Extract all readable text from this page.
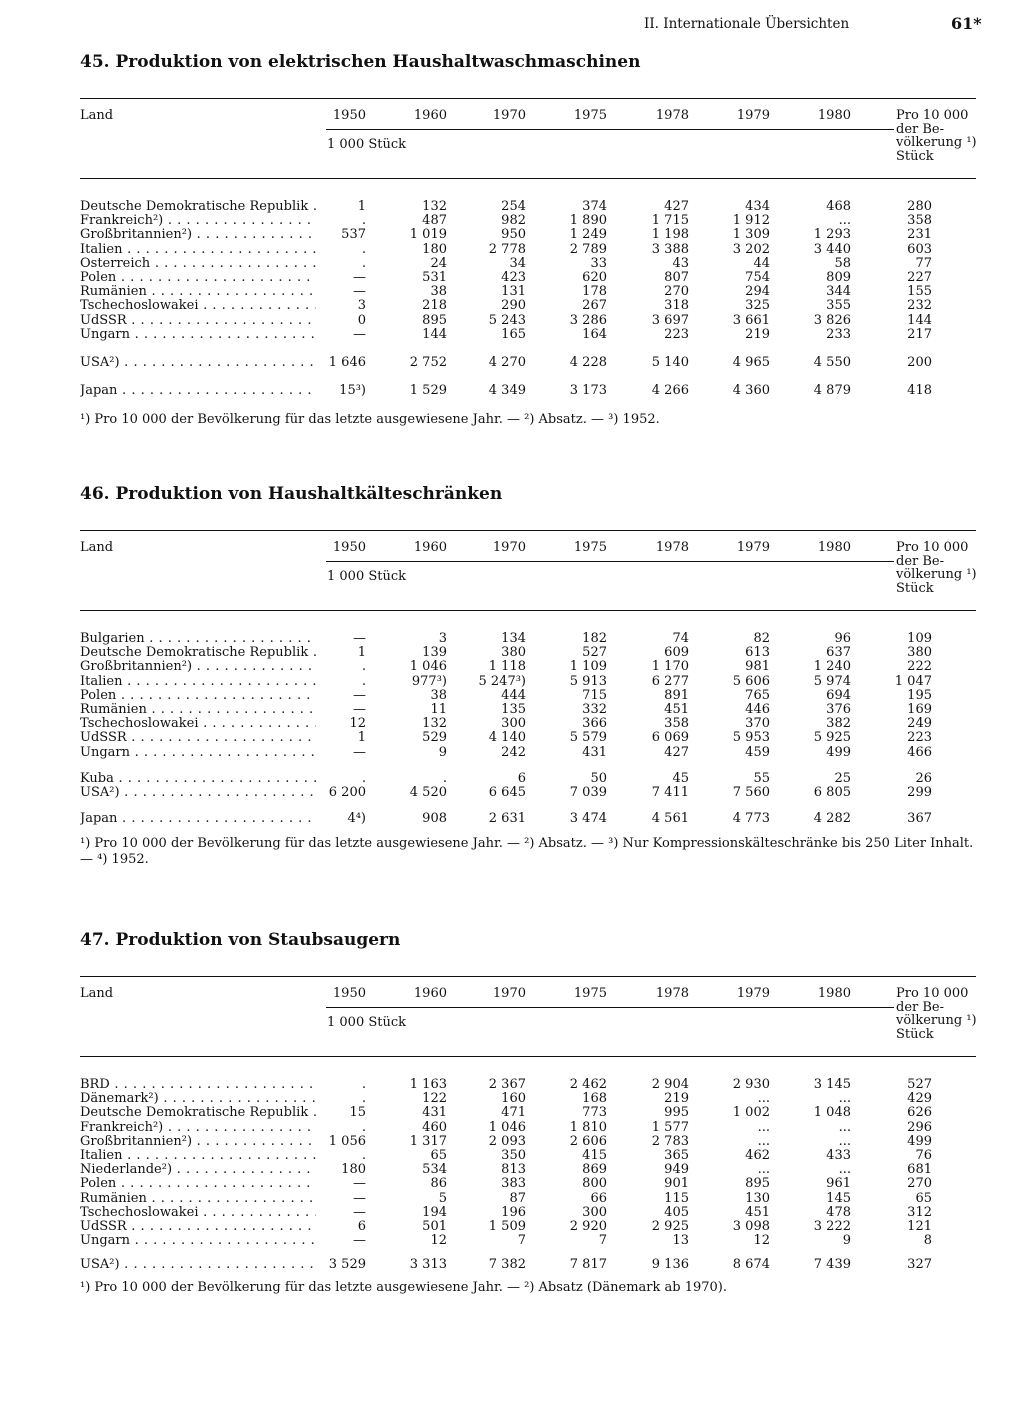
II. Internationale Übersichten	61*
45. Produktion von elektrischen Haushaltwaschmaschinen
Land	1950	1960	1970	1975	1978	1979	1980	Pro 10 000
der Be-
völkerung ¹)
Stück
1 000 Stück
Deutsche Demokratische Republik . . .	1	132	254	374	427	434	468	280
Frankreich²) . . .	.	487	982	1 890	1 715	1 912	...	358
Großbritannien²) . . .	537	1 019	950	1 249	1 198	1 309	1 293	231
Italien . . .	.	180	2 778	2 789	3 388	3 202	3 440	603
Österreich . . .	.	24	34	33	43	44	58	77
Polen . . .	—	531	423	620	807	754	809	227
Rumänien . . .	—	38	131	178	270	294	344	155
Tschechoslowakei . . .	3	218	290	267	318	325	355	232
UdSSR . . .	0	895	5 243	3 286	3 697	3 661	3 826	144
Ungarn . . .	—	144	165	164	223	219	233	217
USA²) . . .	1 646	2 752	4 270	4 228	5 140	4 965	4 550	200
Japan . . .	15³)	1 529	4 349	3 173	4 266	4 360	4 879	418
¹) Pro 10 000 der Bevölkerung für das letzte ausgewiesene Jahr. — ²) Absatz. — ³) 1952.
46. Produktion von Haushaltkälteschränken
Land	1950	1960	1970	1975	1978	1979	1980	Pro 10 000
der Be-
völkerung ¹)
Stück
1 000 Stück
Bulgarien . . .	—	3	134	182	74	82	96	109
Deutsche Demokratische Republik . . .	1	139	380	527	609	613	637	380
Großbritannien²) . . .	.	1 046	1 118	1 109	1 170	981	1 240	222
Italien . . .	.	977³)	5 247³)	5 913	6 277	5 606	5 974	1 047
Polen . . .	—	38	444	715	891	765	694	195
Rumänien . . .	—	11	135	332	451	446	376	169
Tschechoslowakei . . .	12	132	300	366	358	370	382	249
UdSSR . . .	1	529	4 140	5 579	6 069	5 953	5 925	223
Ungarn . . .	—	9	242	431	427	459	499	466
Kuba . . .	.	.	6	50	45	55	25	26
USA²) . . .	6 200	4 520	6 645	7 039	7 411	7 560	6 805	299
Japan . . .	4⁴)	908	2 631	3 474	4 561	4 773	4 282	367
¹) Pro 10 000 der Bevölkerung für das letzte ausgewiesene Jahr. — ²) Absatz. — ³) Nur Kompressionskälteschränke bis 250 Liter Inhalt. — ⁴) 1952.
47. Produktion von Staubsaugern
Land	1950	1960	1970	1975	1978	1979	1980	Pro 10 000
der Be-
völkerung ¹)
Stück
1 000 Stück
BRD . . .	.	1 163	2 367	2 462	2 904	2 930	3 145	527
Dänemark²) . . .	.	122	160	168	219	...	...	429
Deutsche Demokratische Republik . . .	15	431	471	773	995	1 002	1 048	626
Frankreich²) . . .	.	460	1 046	1 810	1 577	...	...	296
Großbritannien²) . . .	1 056	1 317	2 093	2 606	2 783	...	...	499
Italien . . .	.	65	350	415	365	462	433	76
Niederlande²) . . .	180	534	813	869	949	...	...	681
Polen . . .	—	86	383	800	901	895	961	270
Rumänien . . .	—	5	87	66	115	130	145	65
Tschechoslowakei . . .	—	194	196	300	405	451	478	312
UdSSR . . .	6	501	1 509	2 920	2 925	3 098	3 222	121
Ungarn . . .	—	12	7	7	13	12	9	8
USA²) . . .	3 529	3 313	7 382	7 817	9 136	8 674	7 439	327
¹) Pro 10 000 der Bevölkerung für das letzte ausgewiesene Jahr. — ²) Absatz (Dänemark ab 1970).
